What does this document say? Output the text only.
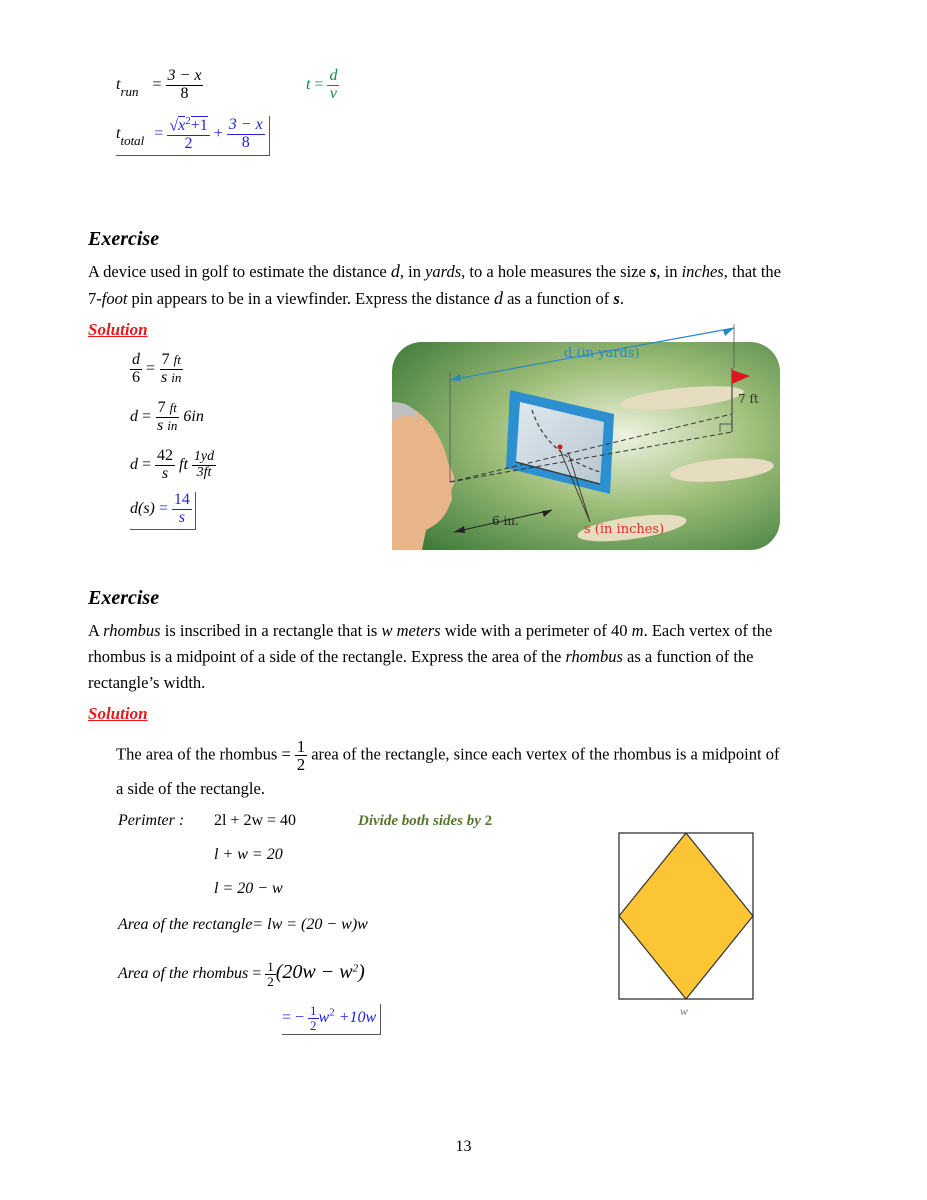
$t_{run} = \frac{3 - x}{8}$	$t = \frac{d}{v}$
$t_{total} = \frac{√x^2+1}{2} + \frac{3 - x}{8}$
Exercise
A device used in golf to estimate the distance d, in yards, to a hole measures the size s, in inches, that the
7-foot pin appears to be in a viewfinder. Express the distance d as a function of s.
Solution
$\frac{d}{6} = \frac{7 ft}{\text{s in}}$
$d = \frac{7 ft}{\text{s in}} 6in$
$d = \frac{42}{s}$ ft $\frac{1yd}{3ft}$
$d(s) = \frac{14}{s}$
d (in yards)
7 ft
6 in.
s (in inches)
Exercise
A rhombus is inscribed in a rectangle that is w meters wide with a perimeter of 40 m. Each vertex of the
rhombus is a midpoint of a side of the rectangle. Express the area of the rhombus as a function of the
rectangle’s width.
Solution
The area of the rhombus = $\frac{1}{2}$ area of the rectangle, since each vertex of the rhombus is a midpoint of
a side of the rectangle.
Perimter : 2l + 2w = 40	Divide both sides by 2
l + w = 20
l = 20 − w
Area of the rectangle= lw = (20 − w)w
Area of the rhombus = $\frac{1}{2} (20w - w^2)$
= − $\frac{1}{2} w^2 +10w$	w
13
